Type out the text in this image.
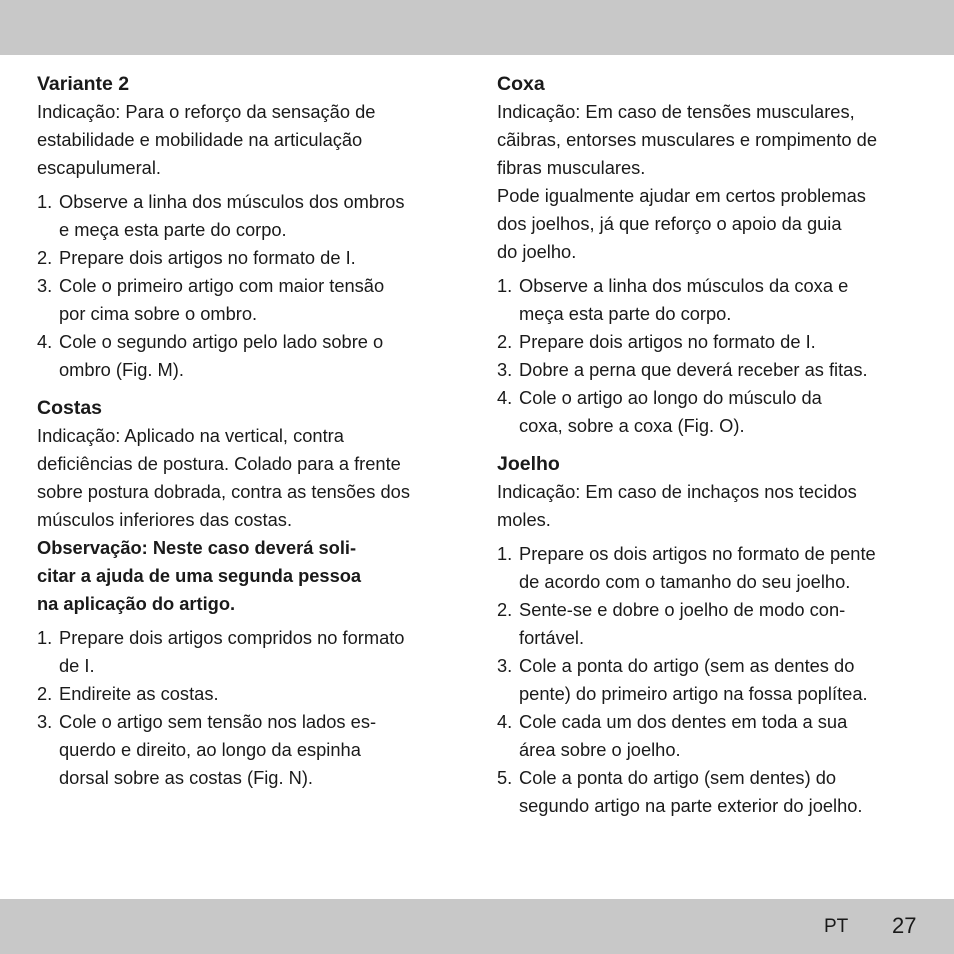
Variante 2

Indicação: Para o reforço da sensação de
estabilidade e mobilidade na articulação
escapulumeral.

1. Observe a linha dos músculos dos ombros
e meça esta parte do corpo.
2. Prepare dois artigos no formato de I.
3. Cole o primeiro artigo com maior tensão
por cima sobre o ombro.
4. Cole o segundo artigo pelo lado sobre o
ombro (Fig. M).
Costas

Indicação: Aplicado na vertical, contra
deficiências de postura. Colado para a frente
sobre postura dobrada, contra as tensões dos
músculos inferiores das costas.

Observação: Neste caso deverá soli-
citar a ajuda de uma segunda pessoa
na aplicação do artigo.

1. Prepare dois artigos compridos no formato
de I.
2. Endireite as costas.
3. Cole o artigo sem tensão nos lados es-
querdo e direito, ao longo da espinha
dorsal sobre as costas (Fig. N).
Coxa

Indicação: Em caso de tensões musculares,
cãibras, entorses musculares e rompimento de
fibras musculares.
Pode igualmente ajudar em certos problemas
dos joelhos, já que reforço o apoio da guia
do joelho.

1. Observe a linha dos músculos da coxa e
meça esta parte do corpo.
2. Prepare dois artigos no formato de I.
3. Dobre a perna que deverá receber as fitas.
4. Cole o artigo ao longo do músculo da
coxa, sobre a coxa (Fig. O).
Joelho

Indicação: Em caso de inchaços nos tecidos
moles.

1. Prepare os dois artigos no formato de pente
de acordo com o tamanho do seu joelho.
2. Sente-se e dobre o joelho de modo con-
fortável.
3. Cole a ponta do artigo (sem as dentes do
pente) do primeiro artigo na fossa poplítea.
4. Cole cada um dos dentes em toda a sua
área sobre o joelho.
5. Cole a ponta do artigo (sem dentes) do
segundo artigo na parte exterior do joelho.
PT 27
